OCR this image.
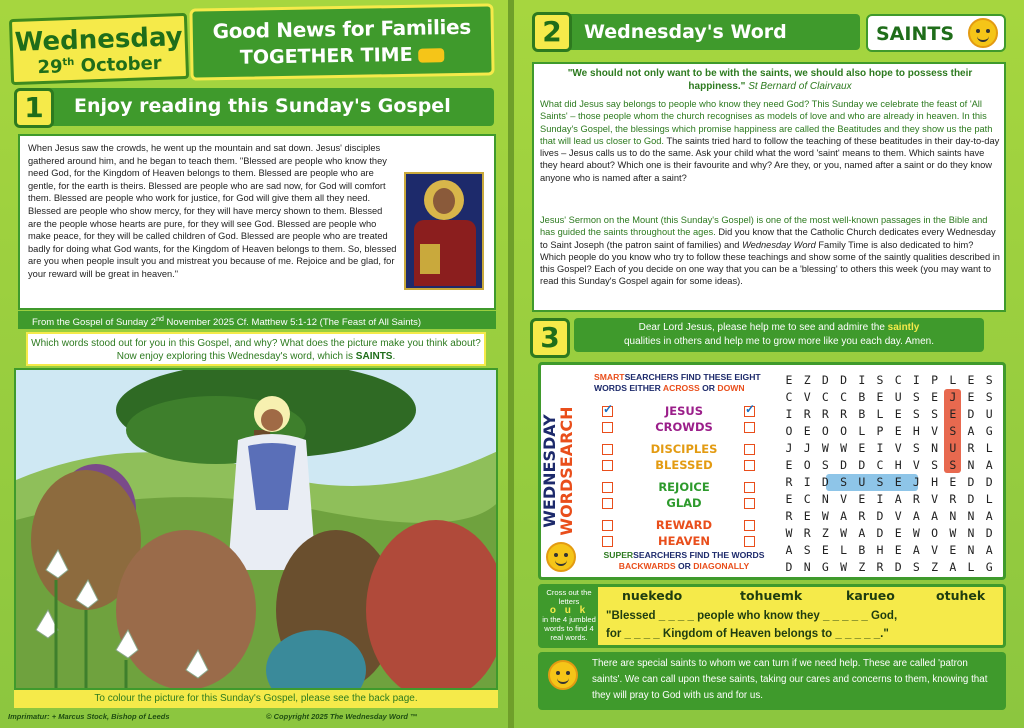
Wednesday
29th October
Good News for Families
TOGETHER TIME
Enjoy reading this Sunday's Gospel
1
When Jesus saw the crowds, he went up the mountain and sat down. Jesus' disciples gathered around him, and he began to teach them. "Blessed are people who know they need God, for the Kingdom of Heaven belongs to them. Blessed are people who are gentle, for the earth is theirs. Blessed are people who are sad now, for God will comfort them. Blessed are people who work for justice, for God will give them all they need. Blessed are people who show mercy, for they will have mercy shown to them. Blessed are the people whose hearts are pure, for they will see God. Blessed are people who make peace, for they will be called children of God. Blessed are people who are treated badly for doing what God wants, for the Kingdom of Heaven belongs to them. So, blessed are you when people insult you and mistreat you because of me. Rejoice and be glad, for your reward will be great in heaven."
From the Gospel of Sunday 2nd November 2025 Cf. Matthew 5:1-12 (The Feast of All Saints)
Which words stood out for you in this Gospel, and why? What does the picture make you think about? Now enjoy exploring this Wednesday's word, which is SAINTS.
To colour the picture for this Sunday's Gospel, please see the back page.
Imprimatur: + Marcus Stock, Bishop of Leeds	© Copyright 2025 The Wednesday Word ™
Wednesday's Word
2	SAINTS
"We should not only want to be with the saints, we should also hope to possess their happiness." St Bernard of Clairvaux
What did Jesus say belongs to people who know they need God? This Sunday we celebrate the feast of 'All Saints' – those people whom the church recognises as models of love and who are already in heaven. In this Sunday's Gospel, the blessings which promise happiness are called the Beatitudes and they show us the path that will lead us closer to God. The saints tried hard to follow the teaching of these beatitudes in their day-to-day lives – Jesus calls us to do the same. Ask your child what the word 'saint' means to them. Which saints have they heard about? Which one is their favourite and why? Are they, or you, named after a saint or do they know anyone who is named after a saint?
Jesus' Sermon on the Mount (this Sunday's Gospel) is one of the most well-known passages in the Bible and has guided the saints throughout the ages. Did you know that the Catholic Church dedicates every Wednesday to Saint Joseph (the patron saint of families) and Wednesday Word Family Time is also dedicated to him? Which people do you know who try to follow these teachings and show some of the saintly qualities described in this Gospel? Each of you decide on one way that you can be a 'blessing' to others this week (you may want to read this Sunday's Gospel again for some ideas).
3	Dear Lord Jesus, please help me to see and admire the saintly
qualities in others and help me to grow more like you each day. Amen.
WEDNESDAY
WORDSEARCH
SMARTSEARCHERS FIND THESE EIGHT WORDS EITHER ACROSS OR DOWN
✓
JESUS
✓
CROWDS
DISCIPLES
BLESSED
REJOICE
GLAD
REWARD
HEAVEN
SUPERSEARCHERS FIND THE WORDS
BACKWARDS OR DIAGONALLY
E Z D D I S C I P L E S
C V C C B E U S E J E S
I R R R B L E S S E D U
O E O O L P E H V S A G
J J W W E I V S N U R L
E O S D D C H V S S N A
R I D S U S E J H E D D
E C N V E I A R V R D L
R E W A R D V A A N N A
W R Z W A D E W O W N D
A S E L B H E A V E N A
D N G W Z R D S Z A L G
Cross out the letters
o u k
in the 4 jumbled words to find 4 real words.
nuekedo	tohuemk	karueo	otuhek
"Blessed _ _ _ _ people who know they _ _ _ _ _ God,
for _ _ _ _ Kingdom of Heaven belongs to _ _ _ _ _."
There are special saints to whom we can turn if we need help. These are called 'patron saints'. We can call upon these saints, taking our cares and concerns to them, knowing that they will pray to God with us and for us.
